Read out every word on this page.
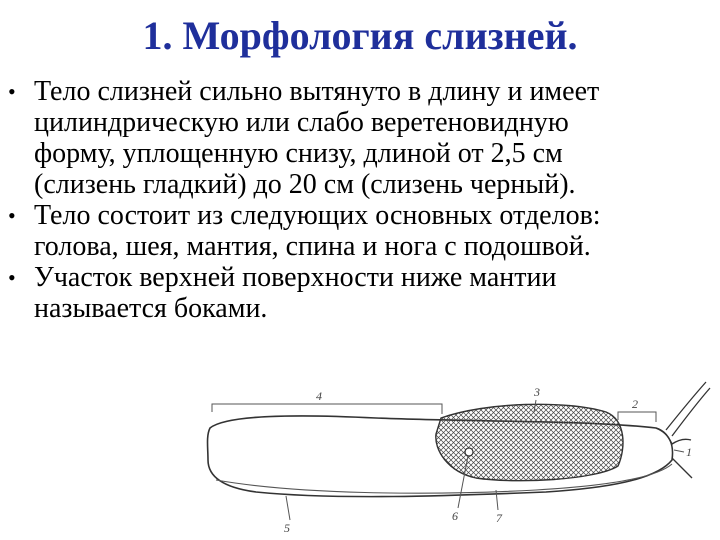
1. Морфология слизней.
• Тело слизней сильно вытянуто в длину и имеет
цилиндрическую или слабо веретеновидную
форму, уплощенную снизу, длиной от 2,5 см
(слизень гладкий) до 20 см (слизень черный).
• Тело состоит из следующих основных отделов:
голова, шея, мантия, спина и нога с подошвой.
• Участок верхней поверхности ниже мантии
называется боками.
4	3
2
1
5
6	7
